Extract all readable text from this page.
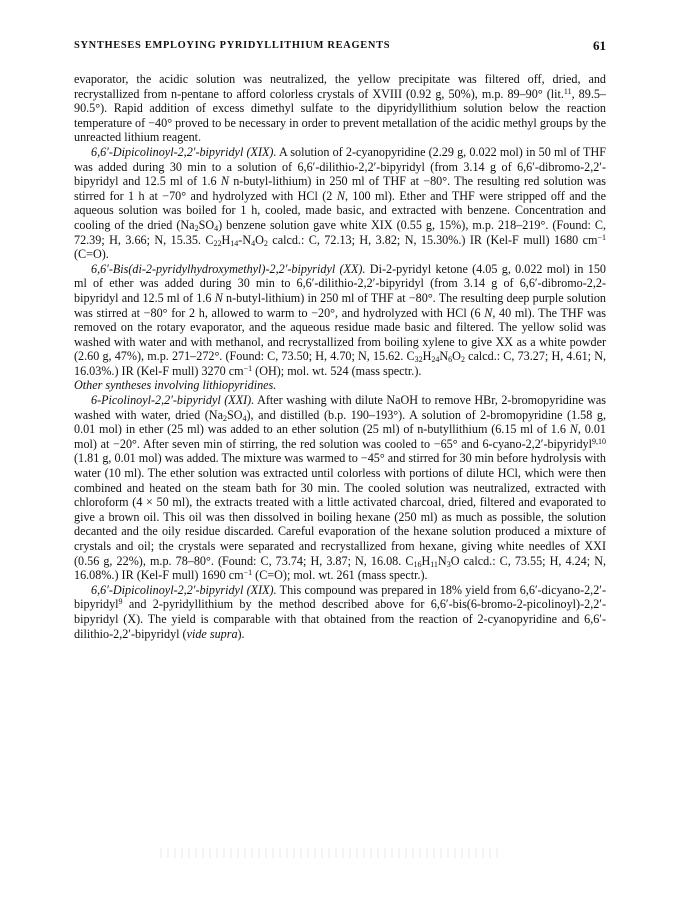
SYNTHESES EMPLOYING PYRIDYLLITHIUM REAGENTS	61

evaporator, the acidic solution was neutralized, the yellow precipitate was filtered off, dried, and recrystallized from n-pentane to afford colorless crystals of XVIII (0.92 g, 50%), m.p. 89–90° (lit.$^{11}$, 89.5–90.5°). Rapid addition of excess dimethyl sulfate to the dipyridyllithium solution below the reaction temperature of −40° proved to be necessary in order to prevent metallation of the acidic methyl groups by the unreacted lithium reagent.

6,6′-Dipicolinoyl-2,2′-bipyridyl (XIX). A solution of 2-cyanopyridine (2.29 g, 0.022 mol) in 50 ml of THF was added during 30 min to a solution of 6,6′-dilithio-2,2′-bipyridyl (from 3.14 g of 6,6′-dibromo-2,2′-bipyridyl and 12.5 ml of 1.6 N n-butyl-lithium) in 250 ml of THF at −80°. The resulting red solution was stirred for 1 h at −70° and hydrolyzed with HCl (2 N, 100 ml). Ether and THF were stripped off and the aqueous solution was boiled for 1 h, cooled, made basic, and extracted with benzene. Concentration and cooling of the dried $(Na_2SO_4)$ benzene solution gave white XIX (0.55 g, 15%), m.p. 218–219°. (Found: C, 72.39; H, 3.66; N, 15.35. $C_{22}H_{14}-N_4O_2$ calcd.: C, 72.13; H, 3.82; N, 15.30%.) IR (Kel-F mull) 1680 $cm^{-1}$ (C=O).

6,6′-Bis(di-2-pyridylhydroxymethyl)-2,2′-bipyridyl (XX). Di-2-pyridyl ketone (4.05 g, 0.022 mol) in 150 ml of ether was added during 30 min to 6,6′-dilithio-2,2′-bipyridyl (from 3.14 g of 6,6′-dibromo-2,2-bipyridyl and 12.5 ml of 1.6 N n-butyl-lithium) in 250 ml of THF at −80°. The resulting deep purple solution was stirred at −80° for 2 h, allowed to warm to −20°, and hydrolyzed with HCl (6 N, 40 ml). The THF was removed on the rotary evaporator, and the aqueous residue made basic and filtered. The yellow solid was washed with water and with methanol, and recrystallized from boiling xylene to give XX as a white powder (2.60 g, 47%), m.p. 271–272°. (Found: C, 73.50; H, 4.70; N, 15.62. $C_{32}H_{24}N_6O_2$ calcd.: C, 73.27; H, 4.61; N, 16.03%.) IR (Kel-F mull) 3270 $cm^{-1}$ (OH); mol. wt. 524 (mass spectr.).

Other syntheses involving lithiopyridines.

6-Picolinoyl-2,2′-bipyridyl (XXI). After washing with dilute NaOH to remove HBr, 2-bromopyridine was washed with water, dried $(Na_2SO_4)$, and distilled (b.p. 190–193°). A solution of 2-bromopyridine (1.58 g, 0.01 mol) in ether (25 ml) was added to an ether solution (25 ml) of n-butyllithium (6.15 ml of 1.6 N, 0.01 mol) at −20°. After seven min of stirring, the red solution was cooled to −65° and 6-cyano-2,2′-bipyridyl$^{9,10}$ (1.81 g, 0.01 mol) was added. The mixture was warmed to −45° and stirred for 30 min before hydrolysis with water (10 ml). The ether solution was extracted until colorless with portions of dilute HCl, which were then combined and heated on the steam bath for 30 min. The cooled solution was neutralized, extracted with chloroform (4 × 50 ml), the extracts treated with a little activated charcoal, dried, filtered and evaporated to give a brown oil. This oil was then dissolved in boiling hexane (250 ml) as much as possible, the solution decanted and the oily residue discarded. Careful evaporation of the hexane solution produced a mixture of crystals and oil; the crystals were separated and recrystallized from hexane, giving white needles of XXI (0.56 g, 22%), m.p. 78–80°. (Found: C, 73.74; H, 3.87; N, 16.08. $C_{16}H_{11}N_3O$ calcd.: C, 73.55; H, 4.24; N, 16.08%.) IR (Kel-F mull) 1690 $cm^{-1}$ (C=O); mol. wt. 261 (mass spectr.).

6,6′-Dipicolinoyl-2,2′-bipyridyl (XIX). This compound was prepared in 18% yield from 6,6′-dicyano-2,2′-bipyridyl$^9$ and 2-pyridyllithium by the method described above for 6,6′-bis(6-bromo-2-picolinoyl)-2,2′-bipyridyl (X). The yield is comparable with that obtained from the reaction of 2-cyanopyridine and 6,6′-dilithio-2,2′-bipyridyl (vide supra).
